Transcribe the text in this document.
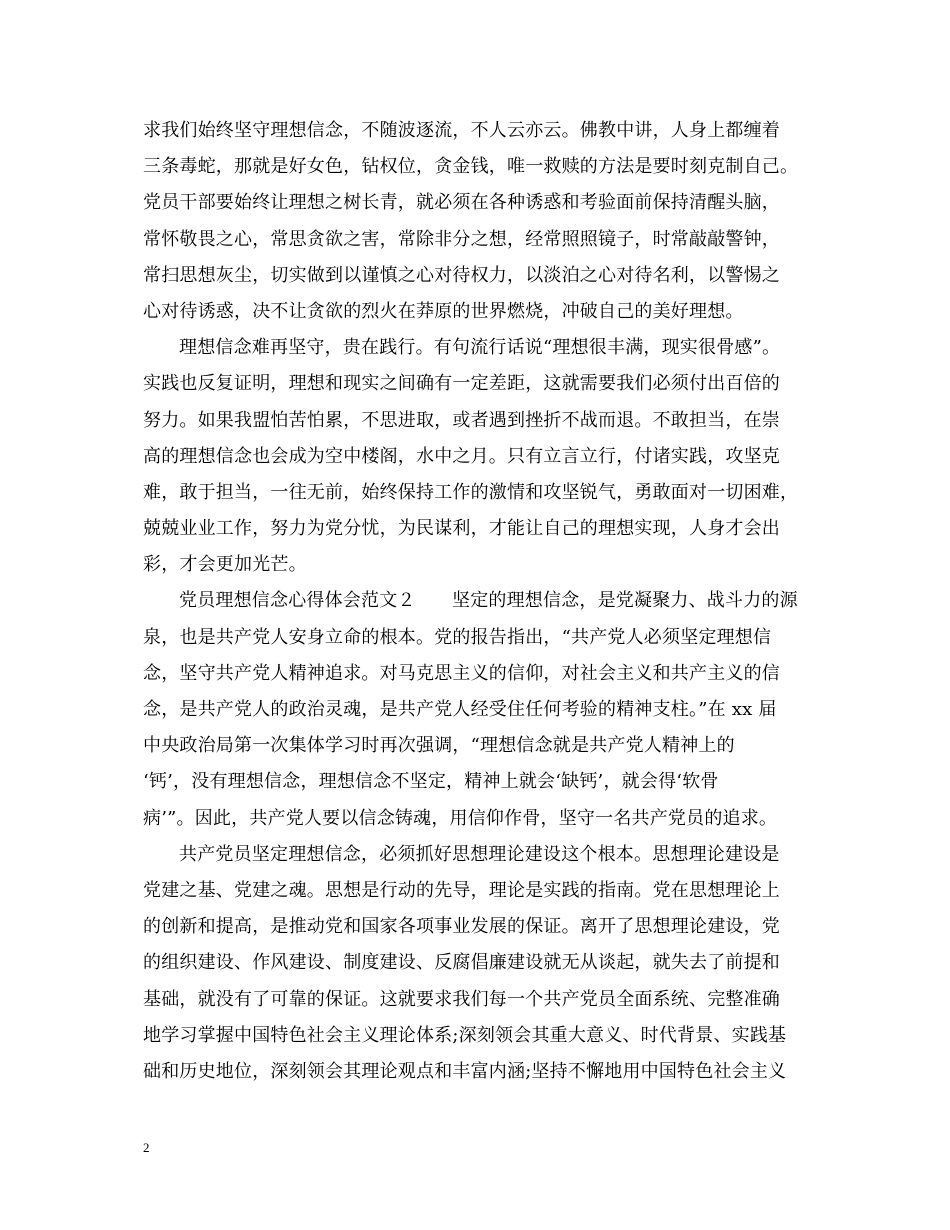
求我们始终坚守理想信念，不随波逐流，不人云亦云。佛教中讲，人身上都缠着
三条毒蛇，那就是好女色，钻权位，贪金钱，唯一救赎的方法是要时刻克制自己。
党员干部要始终让理想之树长青，就必须在各种诱惑和考验面前保持清醒头脑，
常怀敬畏之心，常思贪欲之害，常除非分之想，经常照照镜子，时常敲敲警钟，
常扫思想灰尘，切实做到以谨慎之心对待权力，以淡泊之心对待名利，以警惕之
心对待诱惑，决不让贪欲的烈火在莽原的世界燃烧，冲破自己的美好理想。
理想信念难再坚守，贵在践行。有句流行话说“理想很丰满，现实很骨感”。
实践也反复证明，理想和现实之间确有一定差距，这就需要我们必须付出百倍的
努力。如果我盟怕苦怕累，不思进取，或者遇到挫折不战而退。不敢担当，在崇
高的理想信念也会成为空中楼阁，水中之月。只有立言立行，付诸实践，攻坚克
难，敢于担当，一往无前，始终保持工作的激情和攻坚锐气，勇敢面对一切困难，
兢兢业业工作，努力为党分忧，为民谋利，才能让自己的理想实现，人身才会出
彩，才会更加光芒。
党员理想信念心得体会范文２　　坚定的理想信念，是党凝聚力、战斗力的源
泉，也是共产党人安身立命的根本。党的报告指出，“共产党人必须坚定理想信
念，坚守共产党人精神追求。对马克思主义的信仰，对社会主义和共产主义的信
念，是共产党人的政治灵魂，是共产党人经受住任何考验的精神支柱。”在 xx 届
中央政治局第一次集体学习时再次强调，“理想信念就是共产党人精神上的
‘钙’，没有理想信念，理想信念不坚定，精神上就会‘缺钙’，就会得‘软骨
病’”。因此，共产党人要以信念铸魂，用信仰作骨，坚守一名共产党员的追求。
共产党员坚定理想信念，必须抓好思想理论建设这个根本。思想理论建设是
党建之基、党建之魂。思想是行动的先导，理论是实践的指南。党在思想理论上
的创新和提高，是推动党和国家各项事业发展的保证。离开了思想理论建设，党
的组织建设、作风建设、制度建设、反腐倡廉建设就无从谈起，就失去了前提和
基础，就没有了可靠的保证。这就要求我们每一个共产党员全面系统、完整准确
地学习掌握中国特色社会主义理论体系;深刻领会其重大意义、时代背景、实践基
础和历史地位，深刻领会其理论观点和丰富内涵;坚持不懈地用中国特色社会主义
2
